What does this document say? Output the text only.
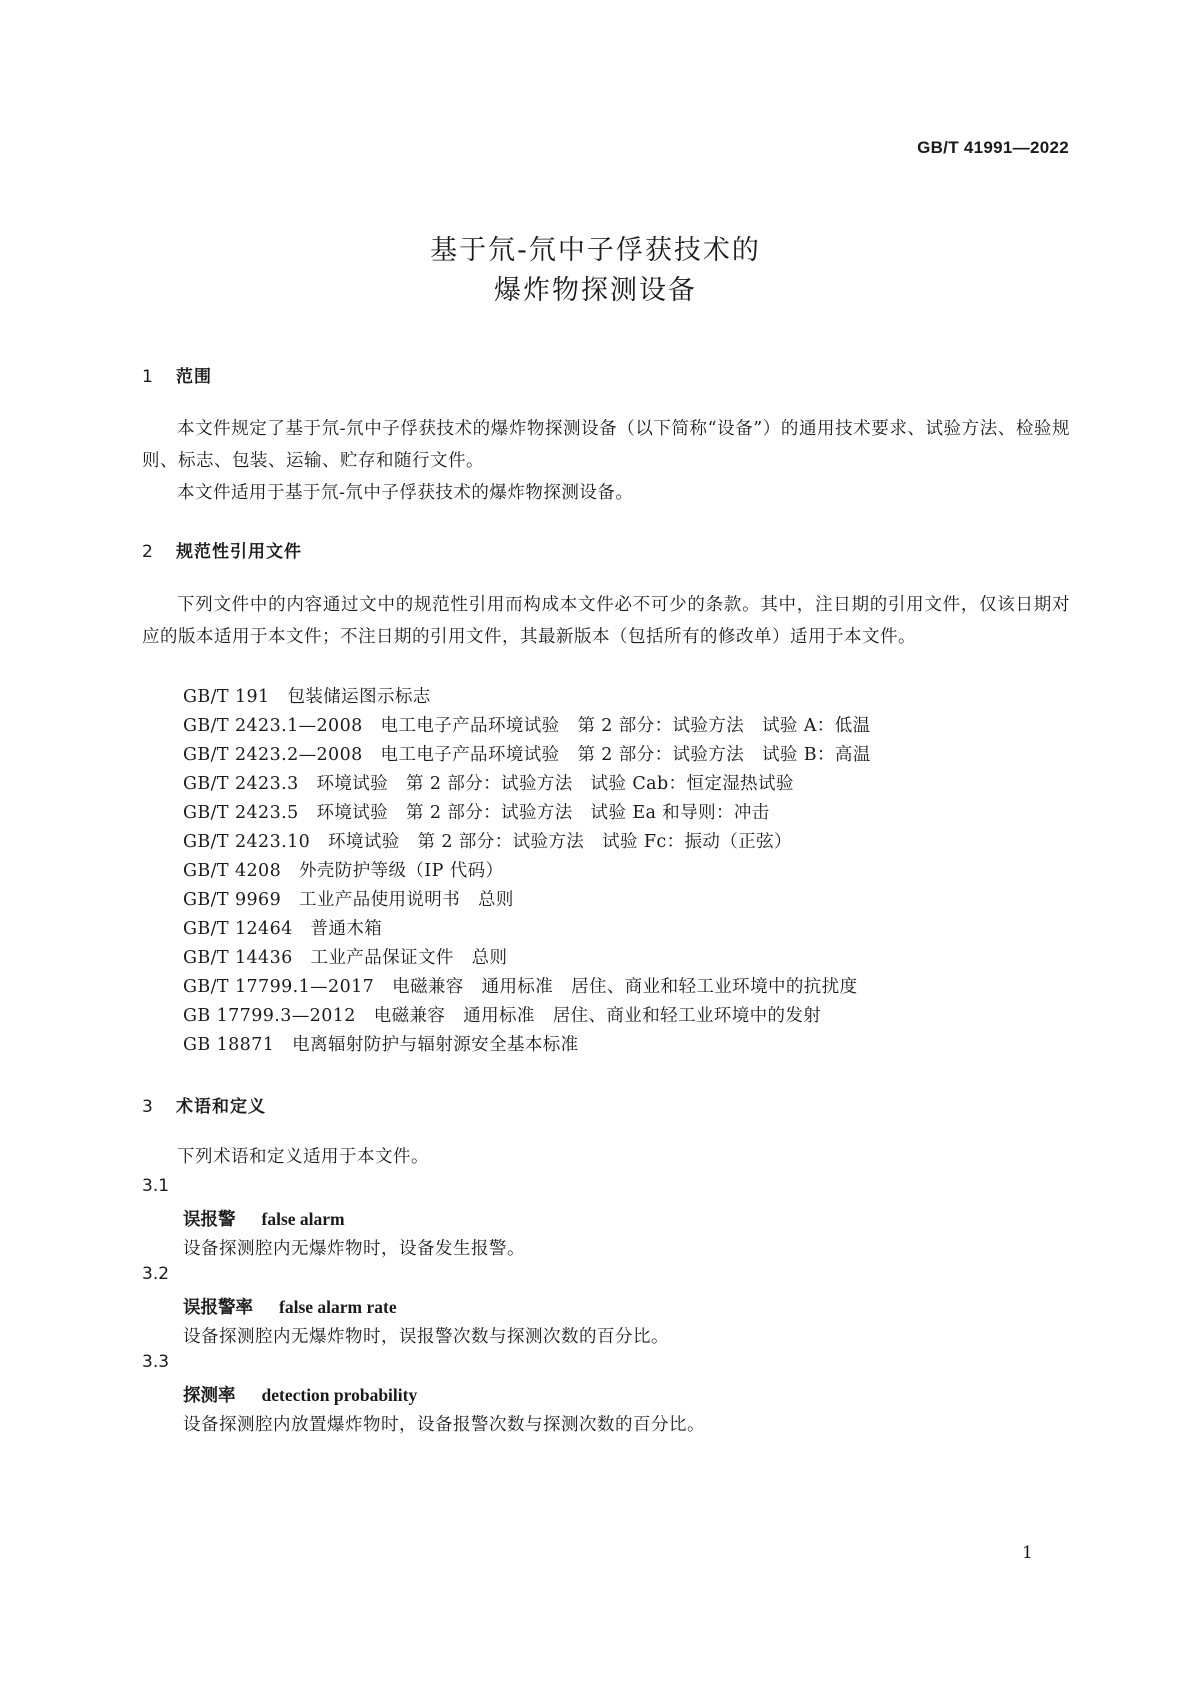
GB/T 41991—2022
基于氘-氘中子俘获技术的
爆炸物探测设备
1 范围
本文件规定了基于氘-氘中子俘获技术的爆炸物探测设备（以下简称“设备”）的通用技术要求、试验方法、检验规则、标志、包装、运输、贮存和随行文件。
本文件适用于基于氘-氘中子俘获技术的爆炸物探测设备。
2 规范性引用文件
下列文件中的内容通过文中的规范性引用而构成本文件必不可少的条款。其中，注日期的引用文件，仅该日期对应的版本适用于本文件；不注日期的引用文件，其最新版本（包括所有的修改单）适用于本文件。
GB/T 191　包装储运图示标志
GB/T 2423.1—2008　电工电子产品环境试验　第 2 部分：试验方法　试验 A：低温
GB/T 2423.2—2008　电工电子产品环境试验　第 2 部分：试验方法　试验 B：高温
GB/T 2423.3　环境试验　第 2 部分：试验方法　试验 Cab：恒定湿热试验
GB/T 2423.5　环境试验　第 2 部分：试验方法　试验 Ea 和导则：冲击
GB/T 2423.10　环境试验　第 2 部分：试验方法　试验 Fc：振动（正弦）
GB/T 4208　外壳防护等级（IP 代码）
GB/T 9969　工业产品使用说明书　总则
GB/T 12464　普通木箱
GB/T 14436　工业产品保证文件　总则
GB/T 17799.1—2017　电磁兼容　通用标准　居住、商业和轻工业环境中的抗扰度
GB 17799.3—2012　电磁兼容　通用标准　居住、商业和轻工业环境中的发射
GB 18871　电离辐射防护与辐射源安全基本标准
3 术语和定义
下列术语和定义适用于本文件。
3.1
误报警 false alarm
设备探测腔内无爆炸物时，设备发生报警。
3.2
误报警率 false alarm rate
设备探测腔内无爆炸物时，误报警次数与探测次数的百分比。
3.3
探测率 detection probability
设备探测腔内放置爆炸物时，设备报警次数与探测次数的百分比。
1
